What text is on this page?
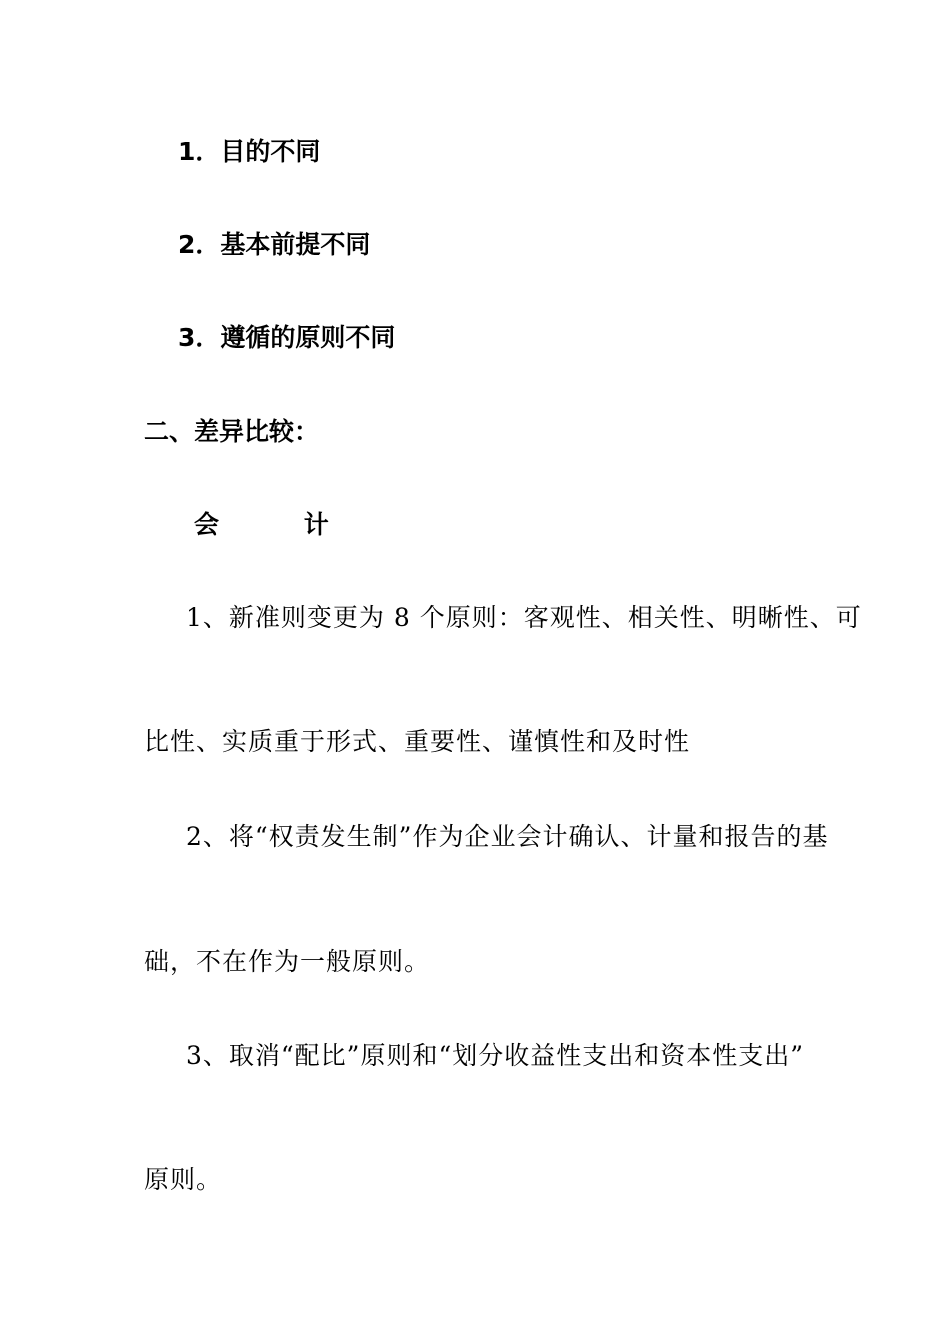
1．目的不同
2．基本前提不同
3．遵循的原则不同
二、差异比较：
会 计
1、新准则变更为 8 个原则：客观性、相关性、明晰性、可
比性、实质重于形式、重要性、谨慎性和及时性
2、将“权责发生制”作为企业会计确认、计量和报告的基
础，不在作为一般原则。
3、取消“配比”原则和“划分收益性支出和资本性支出”
原则。
